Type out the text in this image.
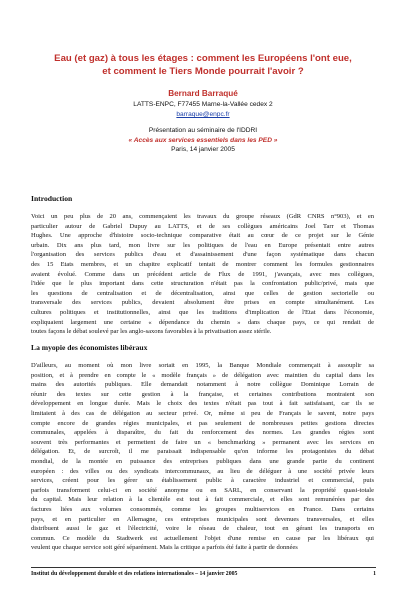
Eau (et gaz) à tous les étages : comment les Européens l'ont eue,
et comment le Tiers Monde pourrait l'avoir ?
Bernard Barraqué
LATTS-ENPC, F77455 Marne-la-Vallée cedex 2
barraque@enpc.fr
Présentation au séminaire de l'IDDRI
« Accès aux services essentiels dans les PED »
Paris, 14 janvier 2005
Introduction
Voici un peu plus de 20 ans, commençaient les travaux du groupe réseaux (GdR CNRS n°903), et en
particulier autour de Gabriel Dupuy au LATTS, et de ses collègues américains Joel Tarr et Thomas
Hughes. Une approche d'histoire socio-technique comparative était au cœur de ce projet sur le Génie
urbain. Dix ans plus tard, mon livre sur les politiques de l'eau en Europe présentait entre autres
l'organisation des services publics d'eau et d'assainissement d'une façon systématique dans chacun
des 15 Etats membres, et un chapitre explicatif tentait de montrer comment les formules gestionnaires
avaient évolué. Comme dans un précédent article de Flux de 1991, j'avançais, avec mes collègues,
l'idée que le plus important dans cette structuration n'était pas la confrontation public/privé, mais que
les questions de centralisation et de décentralisation, ainsi que celles de gestion sectorielle ou
transversale des services publics, devaient absolument être prises en compte simultanément. Les
cultures politiques et institutionnelles, ainsi que les traditions d'implication de l'Etat dans l'économie,
expliquaient largement une certaine « dépendance du chemin » dans chaque pays, ce qui rendait de
toutes façons le débat soulevé par les anglo-saxons favorables à la privatisation assez stérile.
La myopie des économistes libéraux
D'ailleurs, au moment où mon livre sortait en 1995, la Banque Mondiale commençait à assouplir sa
position, et à prendre en compte le « modèle français » de délégation avec maintien du capital dans les
mains des autorités publiques. Elle demandait notamment à notre collègue Dominique Lorrain de
réunir des textes sur cette gestion à la française, et certaines contributions montraient son
développement en longue durée. Mais le choix des textes n'était pas tout à fait satisfaisant, car ils se
limitaient à des cas de délégation au secteur privé. Or, même si peu de Français le savent, notre pays
compte encore de grandes régies municipales, et pas seulement de nombreuses petites gestions directes
communales, appelées à disparaître, du fait du renforcement des normes. Les grandes régies sont
souvent très performantes et permettent de faire un « benchmarking » permanent avec les services en
délégation. Et, de surcroît, il me paraissait indispensable qu'on informe les protagonistes du débat
mondial, de la montée en puissance des entreprises publiques dans une grande partie du continent
européen : des villes ou des syndicats intercommunaux, au lieu de déléguer à une société privée leurs
services, créent pour les gérer un établissement public à caractère industriel et commercial, puis
parfois transforment celui-ci en société anonyme ou en SARL, en conservant la propriété quasi-totale
du capital. Mais leur relation à la clientèle est tout à fait commerciale, et elles sont remunérées par des
factures liées aux volumes consommés, comme les groupes multiservices en France. Dans certains
pays, et en particulier en Allemagne, ces entreprises municipales sont devenues transversales, et elles
distribuent aussi le gaz et l'électricité, voire le réseau de chaleur, tout en gérant les transports en
commun. Ce modèle du Stadtwerk est actuellement l'objet d'une remise en cause par les libéraux qui
veulent que chaque service soit géré séparément. Mais la critique a parfois été faite à partir de données
Institut du développement durable et des relations internationales – 14 janvier 2005	1
